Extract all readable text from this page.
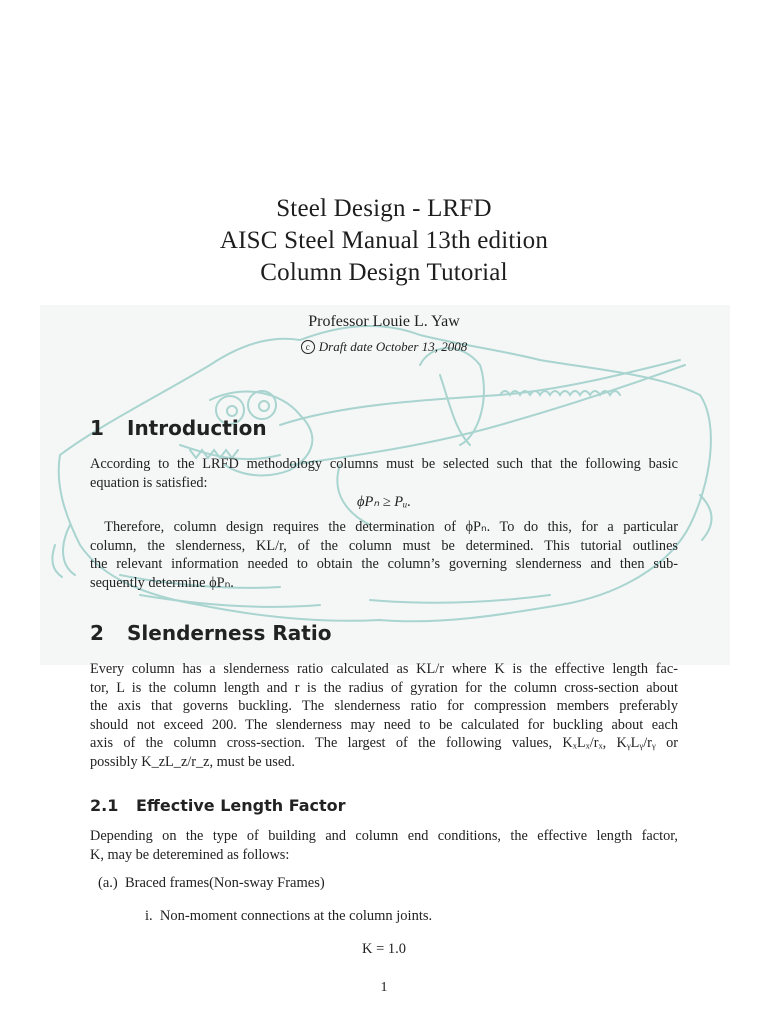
Steel Design - LRFD
AISC Steel Manual 13th edition
Column Design Tutorial
Professor Louie L. Yaw
c Draft date October 13, 2008
1 Introduction
According to the LRFD methodology columns must be selected such that the following basic
equation is satisfied:
ϕPₙ ≥ Pᵤ.
 Therefore, column design requires the determination of ϕPₙ. To do this, for a particular
column, the slenderness, KL/r, of the column must be determined. This tutorial outlines
the relevant information needed to obtain the column’s governing slenderness and then sub-
sequently determine ϕPₙ.
2 Slenderness Ratio
Every column has a slenderness ratio calculated as KL/r where K is the effective length fac-
tor, L is the column length and r is the radius of gyration for the column cross-section about
the axis that governs buckling. The slenderness ratio for compression members preferably
should not exceed 200. The slenderness may need to be calculated for buckling about each
axis of the column cross-section. The largest of the following values, KₓLₓ/rₓ, KᵧLᵧ/rᵧ or
possibly K_zL_z/r_z, must be used.
2.1 Effective Length Factor
Depending on the type of building and column end conditions, the effective length factor,
K, may be deteremined as follows:
(a.) Braced frames(Non-sway Frames)
i. Non-moment connections at the column joints.
K = 1.0
1
